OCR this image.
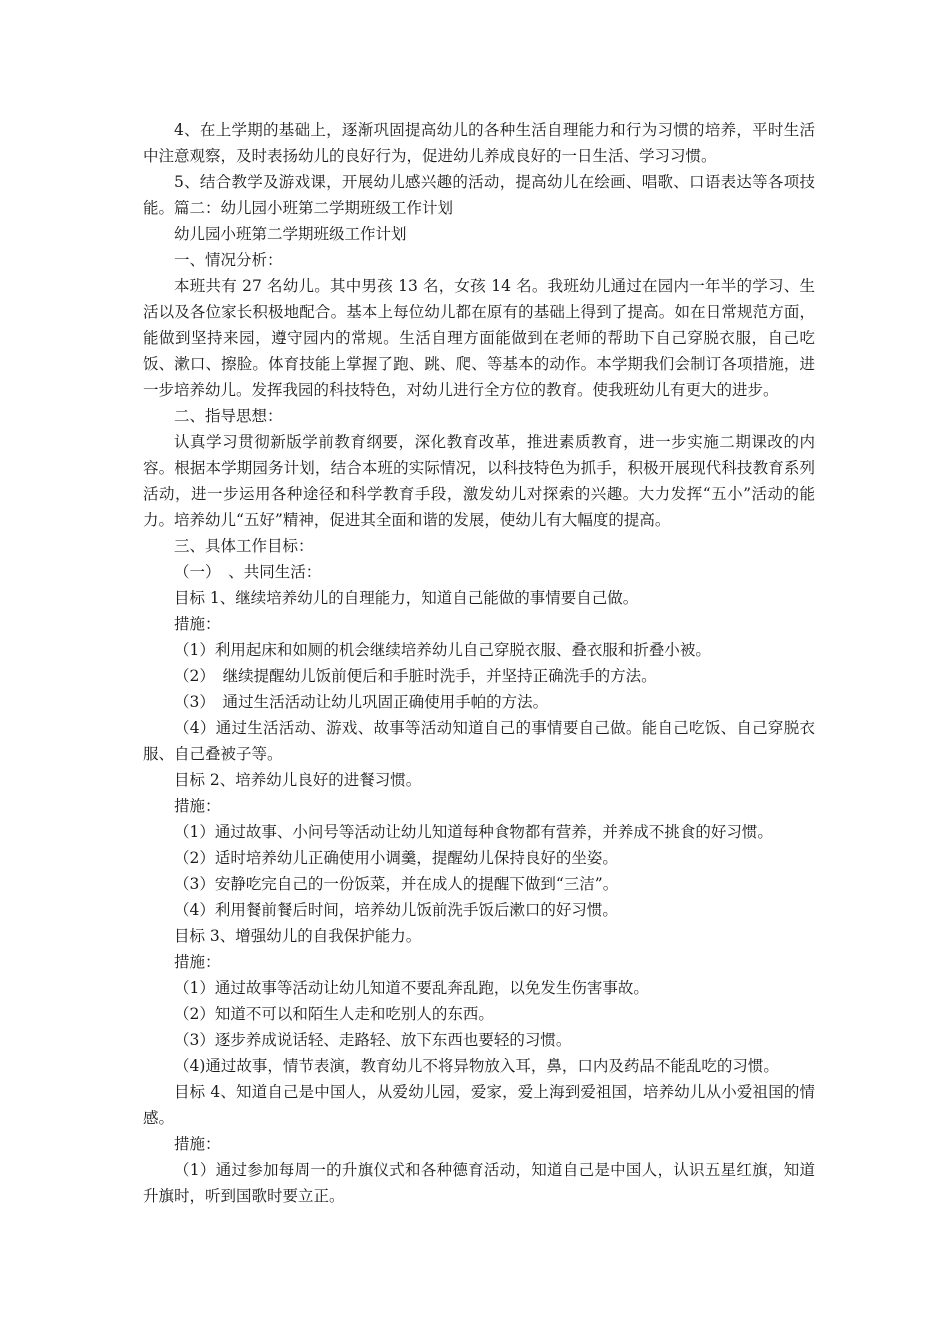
4、在上学期的基础上，逐渐巩固提高幼儿的各种生活自理能力和行为习惯的培养，平时生活中注意观察，及时表扬幼儿的良好行为，促进幼儿养成良好的一日生活、学习习惯。

5、结合教学及游戏课，开展幼儿感兴趣的活动，提高幼儿在绘画、唱歌、口语表达等各项技能。篇二：幼儿园小班第二学期班级工作计划

幼儿园小班第二学期班级工作计划

一、情况分析：

本班共有 27 名幼儿。其中男孩 13 名，女孩 14 名。我班幼儿通过在园内一年半的学习、生活以及各位家长积极地配合。基本上每位幼儿都在原有的基础上得到了提高。如在日常规范方面，能做到坚持来园，遵守园内的常规。生活自理方面能做到在老师的帮助下自己穿脱衣服，自己吃饭、漱口、擦脸。体育技能上掌握了跑、跳、爬、等基本的动作。本学期我们会制订各项措施，进一步培养幼儿。发挥我园的科技特色，对幼儿进行全方位的教育。使我班幼儿有更大的进步。

二、指导思想：

认真学习贯彻新版学前教育纲要，深化教育改革，推进素质教育，进一步实施二期课改的内容。根据本学期园务计划，结合本班的实际情况，以科技特色为抓手，积极开展现代科技教育系列活动，进一步运用各种途径和科学教育手段，激发幼儿对探索的兴趣。大力发挥“五小”活动的能力。培养幼儿“五好”精神，促进其全面和谐的发展，使幼儿有大幅度的提高。

三、具体工作目标：

（一）　、共同生活：

目标 1、继续培养幼儿的自理能力，知道自己能做的事情要自己做。

措施：

（1）利用起床和如厕的机会继续培养幼儿自己穿脱衣服、叠衣服和折叠小被。

（2）　继续提醒幼儿饭前便后和手脏时洗手，并坚持正确洗手的方法。

（3）　通过生活活动让幼儿巩固正确使用手帕的方法。

（4）通过生活活动、游戏、故事等活动知道自己的事情要自己做。能自己吃饭、自己穿脱衣服、自己叠被子等。

目标 2、培养幼儿良好的进餐习惯。

措施：

（1）通过故事、小问号等活动让幼儿知道每种食物都有营养，并养成不挑食的好习惯。

（2）适时培养幼儿正确使用小调羹，提醒幼儿保持良好的坐姿。

（3）安静吃完自己的一份饭菜，并在成人的提醒下做到“三洁”。

（4）利用餐前餐后时间，培养幼儿饭前洗手饭后漱口的好习惯。

目标 3、增强幼儿的自我保护能力。

措施：

（1）通过故事等活动让幼儿知道不要乱奔乱跑，以免发生伤害事故。

（2）知道不可以和陌生人走和吃别人的东西。

（3）逐步养成说话轻、走路轻、放下东西也要轻的习惯。

（4)通过故事，情节表演，教育幼儿不将异物放入耳，鼻，口内及药品不能乱吃的习惯。

目标 4、知道自己是中国人，从爱幼儿园，爱家，爱上海到爱祖国，培养幼儿从小爱祖国的情感。

措施：

（1）通过参加每周一的升旗仪式和各种德育活动，知道自己是中国人，认识五星红旗，知道升旗时，听到国歌时要立正。
